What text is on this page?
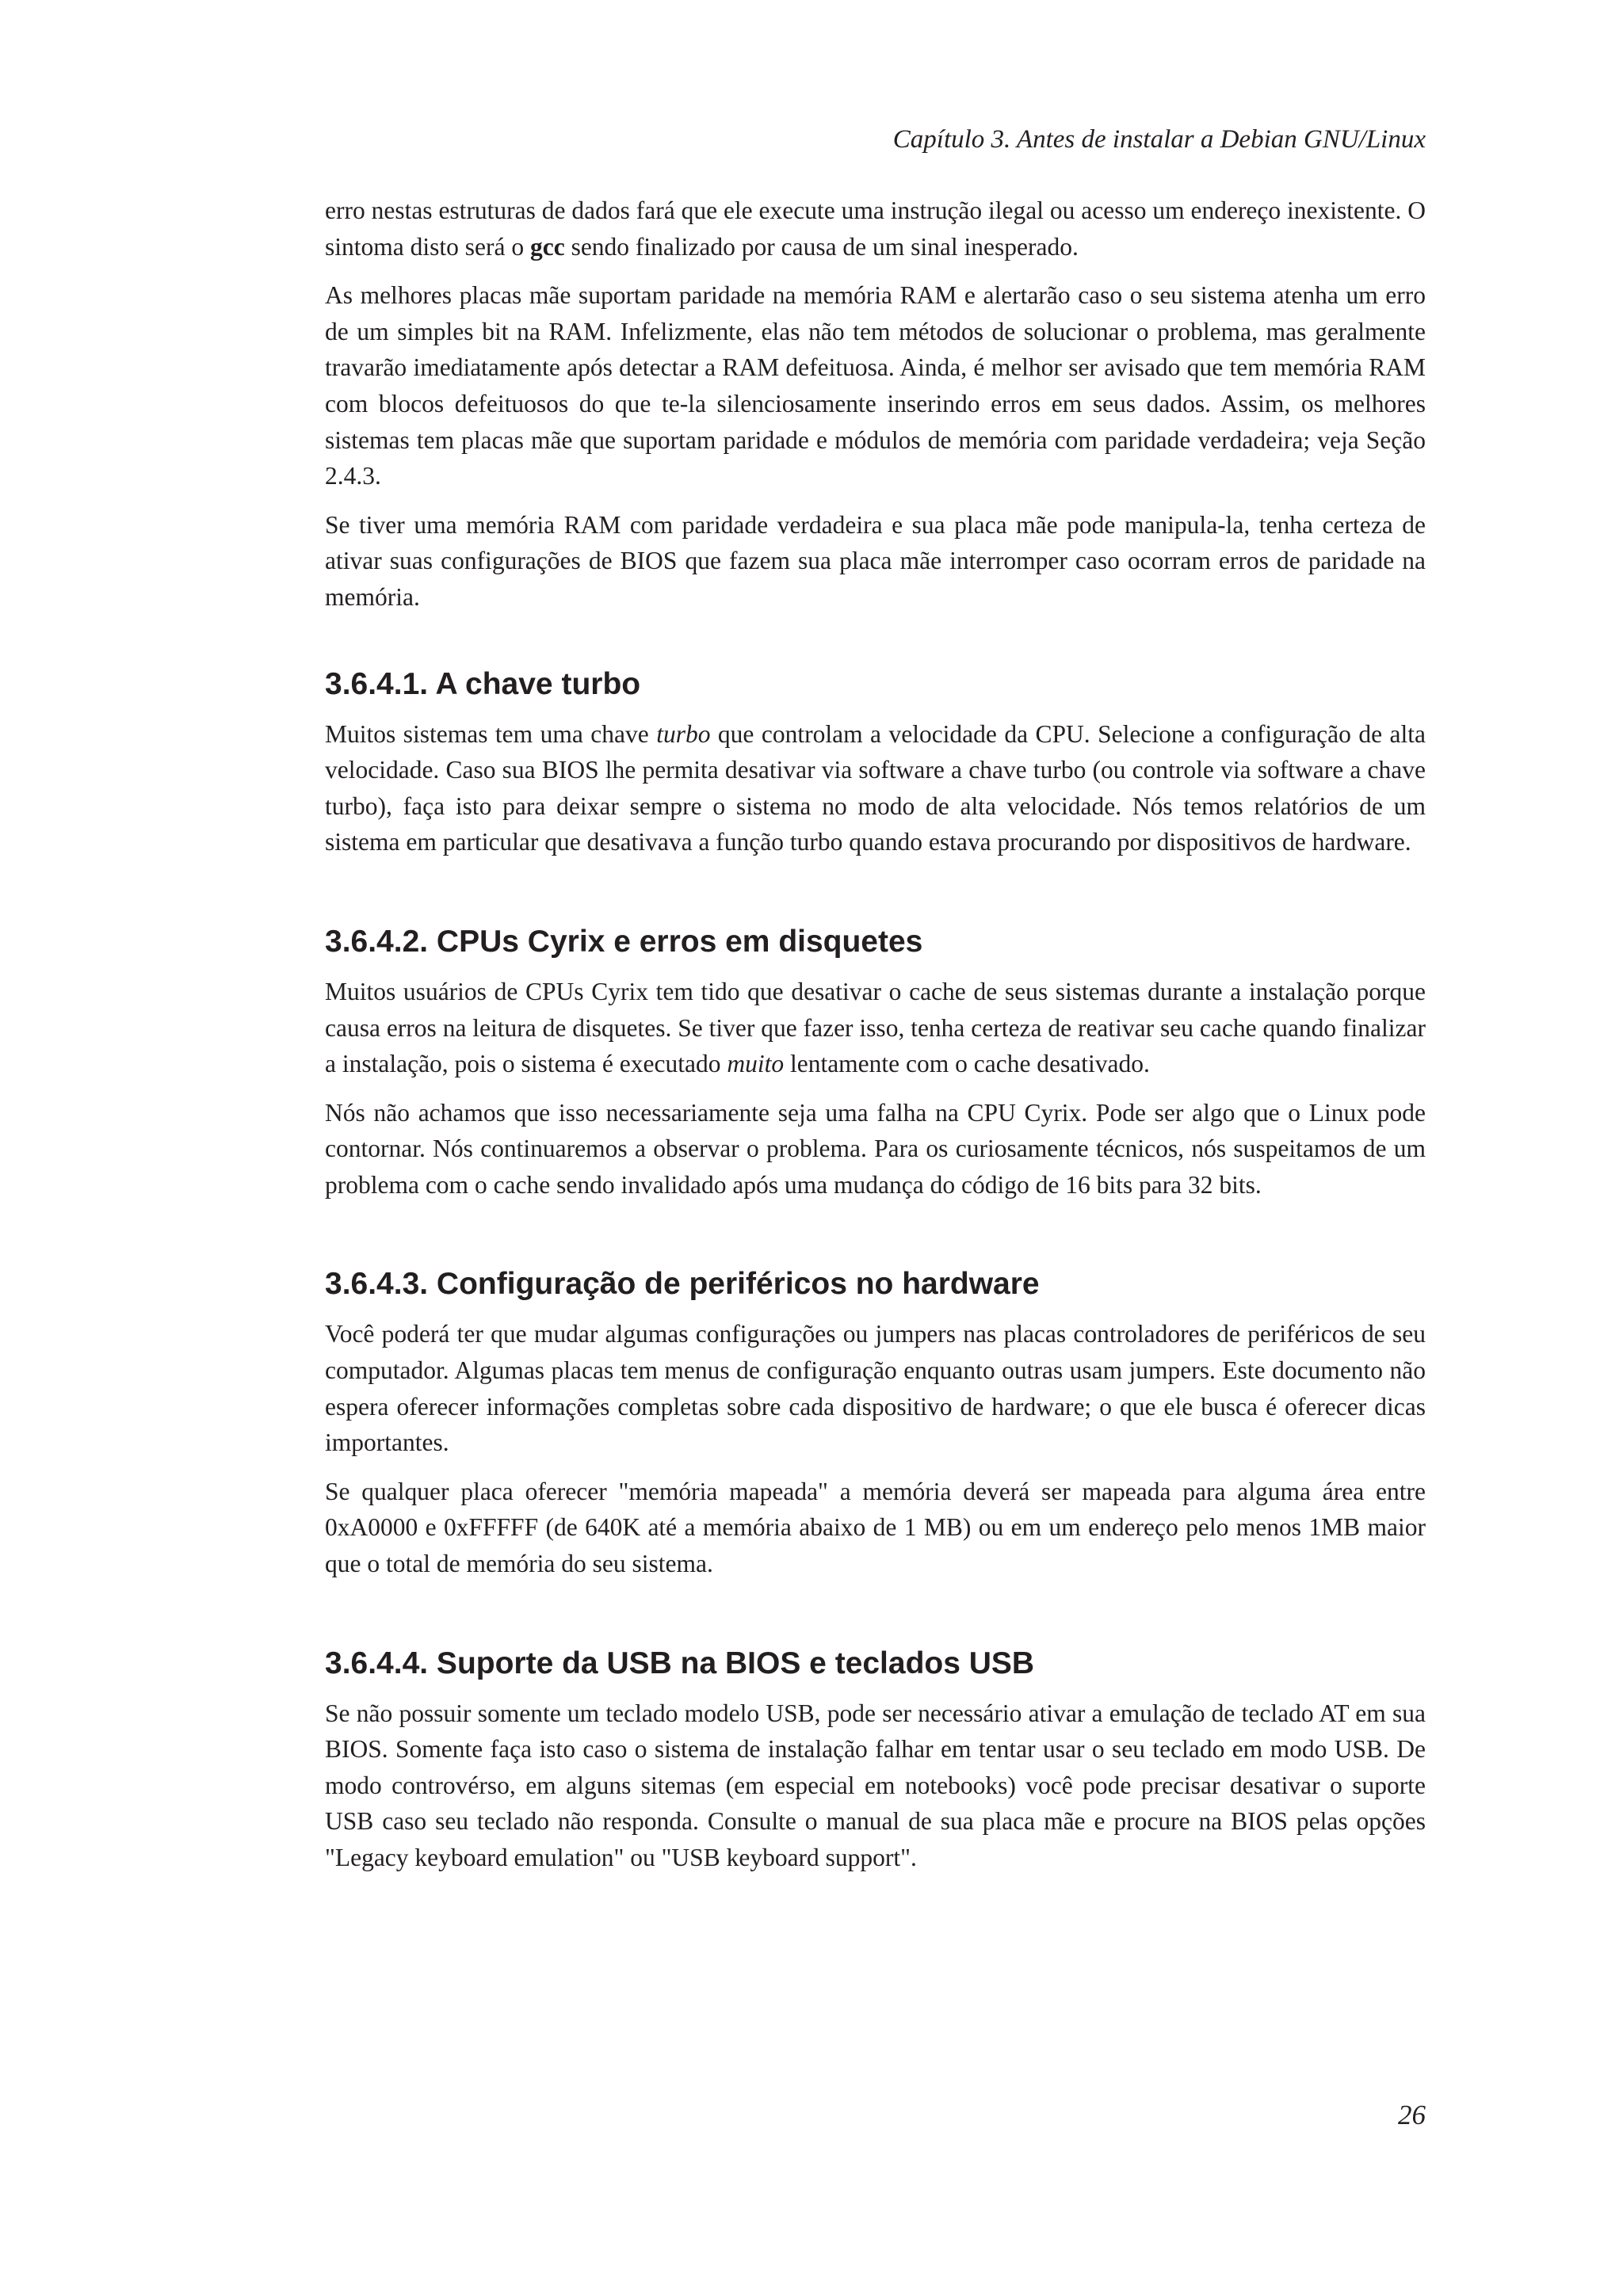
Capítulo 3. Antes de instalar a Debian GNU/Linux

erro nestas estruturas de dados fará que ele execute uma instrução ilegal ou acesso um endereço inexistente. O sintoma disto será o gcc sendo finalizado por causa de um sinal inesperado.

As melhores placas mãe suportam paridade na memória RAM e alertarão caso o seu sistema atenha um erro de um simples bit na RAM. Infelizmente, elas não tem métodos de solucionar o problema, mas geralmente travarão imediatamente após detectar a RAM defeituosa. Ainda, é melhor ser avisado que tem memória RAM com blocos defeituosos do que te-la silenciosamente inserindo erros em seus dados. Assim, os melhores sistemas tem placas mãe que suportam paridade e módulos de memória com paridade verdadeira; veja Seção 2.4.3.

Se tiver uma memória RAM com paridade verdadeira e sua placa mãe pode manipula-la, tenha certeza de ativar suas configurações de BIOS que fazem sua placa mãe interromper caso ocorram erros de paridade na memória.

3.6.4.1. A chave turbo

Muitos sistemas tem uma chave turbo que controlam a velocidade da CPU. Selecione a configuração de alta velocidade. Caso sua BIOS lhe permita desativar via software a chave turbo (ou controle via software a chave turbo), faça isto para deixar sempre o sistema no modo de alta velocidade. Nós temos relatórios de um sistema em particular que desativava a função turbo quando estava procurando por dispositivos de hardware.

3.6.4.2. CPUs Cyrix e erros em disquetes

Muitos usuários de CPUs Cyrix tem tido que desativar o cache de seus sistemas durante a instalação porque causa erros na leitura de disquetes. Se tiver que fazer isso, tenha certeza de reativar seu cache quando finalizar a instalação, pois o sistema é executado muito lentamente com o cache desativado.

Nós não achamos que isso necessariamente seja uma falha na CPU Cyrix. Pode ser algo que o Linux pode contornar. Nós continuaremos a observar o problema. Para os curiosamente técnicos, nós suspeitamos de um problema com o cache sendo invalidado após uma mudança do código de 16 bits para 32 bits.

3.6.4.3. Configuração de periféricos no hardware

Você poderá ter que mudar algumas configurações ou jumpers nas placas controladores de periféricos de seu computador. Algumas placas tem menus de configuração enquanto outras usam jumpers. Este documento não espera oferecer informações completas sobre cada dispositivo de hardware; o que ele busca é oferecer dicas importantes.

Se qualquer placa oferecer "memória mapeada" a memória deverá ser mapeada para alguma área entre 0xA0000 e 0xFFFFF (de 640K até a memória abaixo de 1 MB) ou em um endereço pelo menos 1MB maior que o total de memória do seu sistema.

3.6.4.4. Suporte da USB na BIOS e teclados USB

Se não possuir somente um teclado modelo USB, pode ser necessário ativar a emulação de teclado AT em sua BIOS. Somente faça isto caso o sistema de instalação falhar em tentar usar o seu teclado em modo USB. De modo controvérso, em alguns sitemas (em especial em notebooks) você pode precisar desativar o suporte USB caso seu teclado não responda. Consulte o manual de sua placa mãe e procure na BIOS pelas opções "Legacy keyboard emulation" ou "USB keyboard support".

26
